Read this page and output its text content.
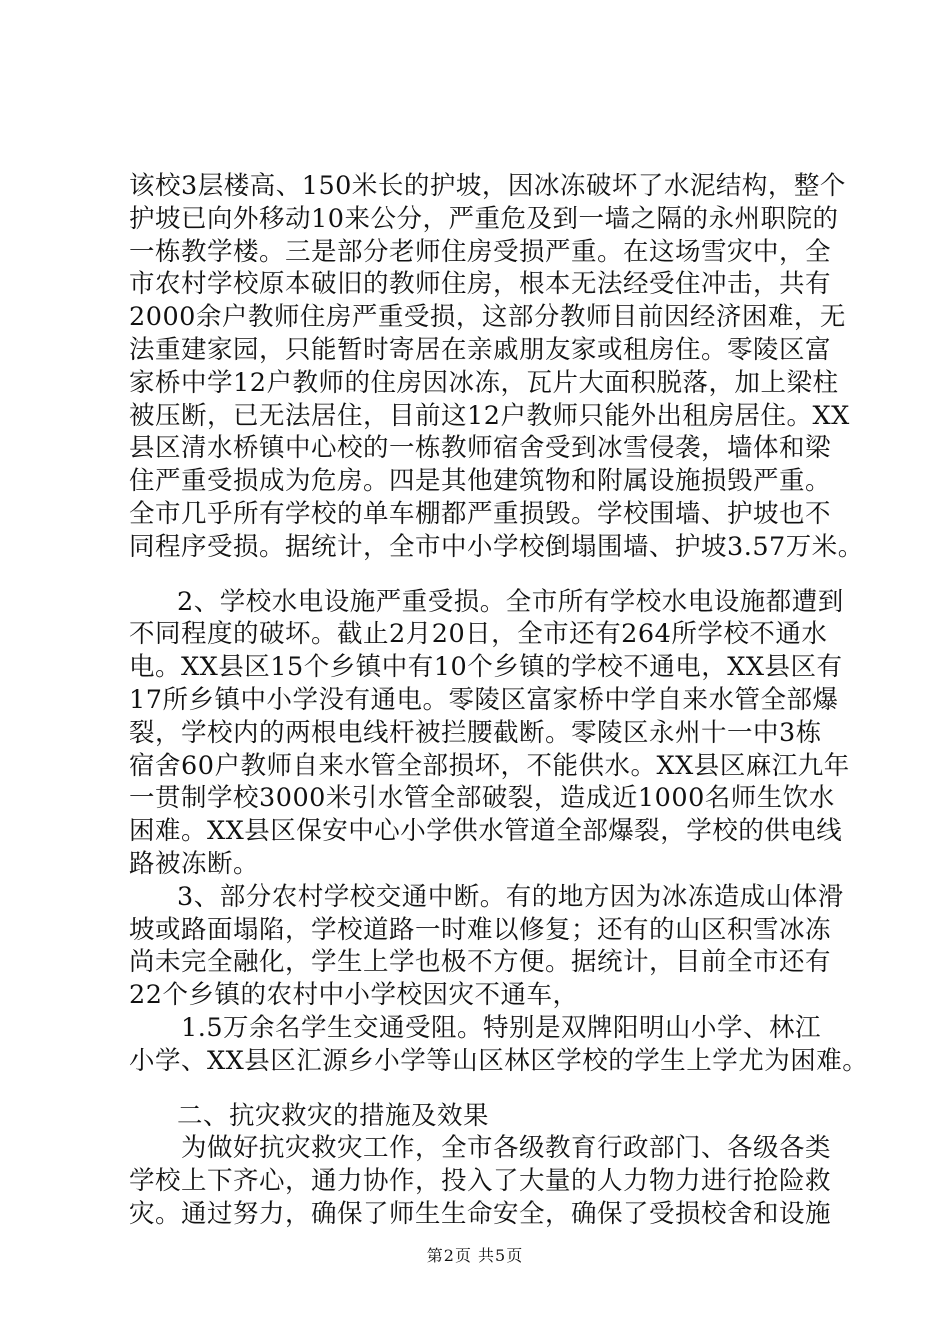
该校3层楼高、150米长的护坡，因冰冻破坏了水泥结构，整个
护坡已向外移动10来公分，严重危及到一墙之隔的永州职院的
一栋教学楼。三是部分老师住房受损严重。在这场雪灾中，全
市农村学校原本破旧的教师住房，根本无法经受住冲击，共有
2000余户教师住房严重受损，这部分教师目前因经济困难，无
法重建家园，只能暂时寄居在亲戚朋友家或租房住。零陵区富
家桥中学12户教师的住房因冰冻，瓦片大面积脱落，加上梁柱
被压断，已无法居住，目前这12户教师只能外出租房居住。XX
县区清水桥镇中心校的一栋教师宿舍受到冰雪侵袭，墙体和梁
住严重受损成为危房。四是其他建筑物和附属设施损毁严重。
全市几乎所有学校的单车棚都严重损毁。学校围墙、护坡也不
同程序受损。据统计，全市中小学校倒塌围墙、护坡3.57万米。
2、学校水电设施严重受损。全市所有学校水电设施都遭到
不同程度的破坏。截止2月20日，全市还有264所学校不通水
电。XX县区15个乡镇中有10个乡镇的学校不通电，XX县区有
17所乡镇中小学没有通电。零陵区富家桥中学自来水管全部爆
裂，学校内的两根电线杆被拦腰截断。零陵区永州十一中3栋
宿舍60户教师自来水管全部损坏，不能供水。XX县区麻江九年
一贯制学校3000米引水管全部破裂，造成近1000名师生饮水
困难。XX县区保安中心小学供水管道全部爆裂，学校的供电线
路被冻断。
3、部分农村学校交通中断。有的地方因为冰冻造成山体滑
坡或路面塌陷，学校道路一时难以修复；还有的山区积雪冰冻
尚未完全融化，学生上学也极不方便。据统计，目前全市还有
22个乡镇的农村中小学校因灾不通车，
1.5万余名学生交通受阻。特别是双牌阳明山小学、林江
小学、XX县区汇源乡小学等山区林区学校的学生上学尤为困难。
二、抗灾救灾的措施及效果
为做好抗灾救灾工作，全市各级教育行政部门、各级各类
学校上下齐心，通力协作，投入了大量的人力物力进行抢险救
灾。通过努力，确保了师生生命安全，确保了受损校舍和设施
第2页 共5页
